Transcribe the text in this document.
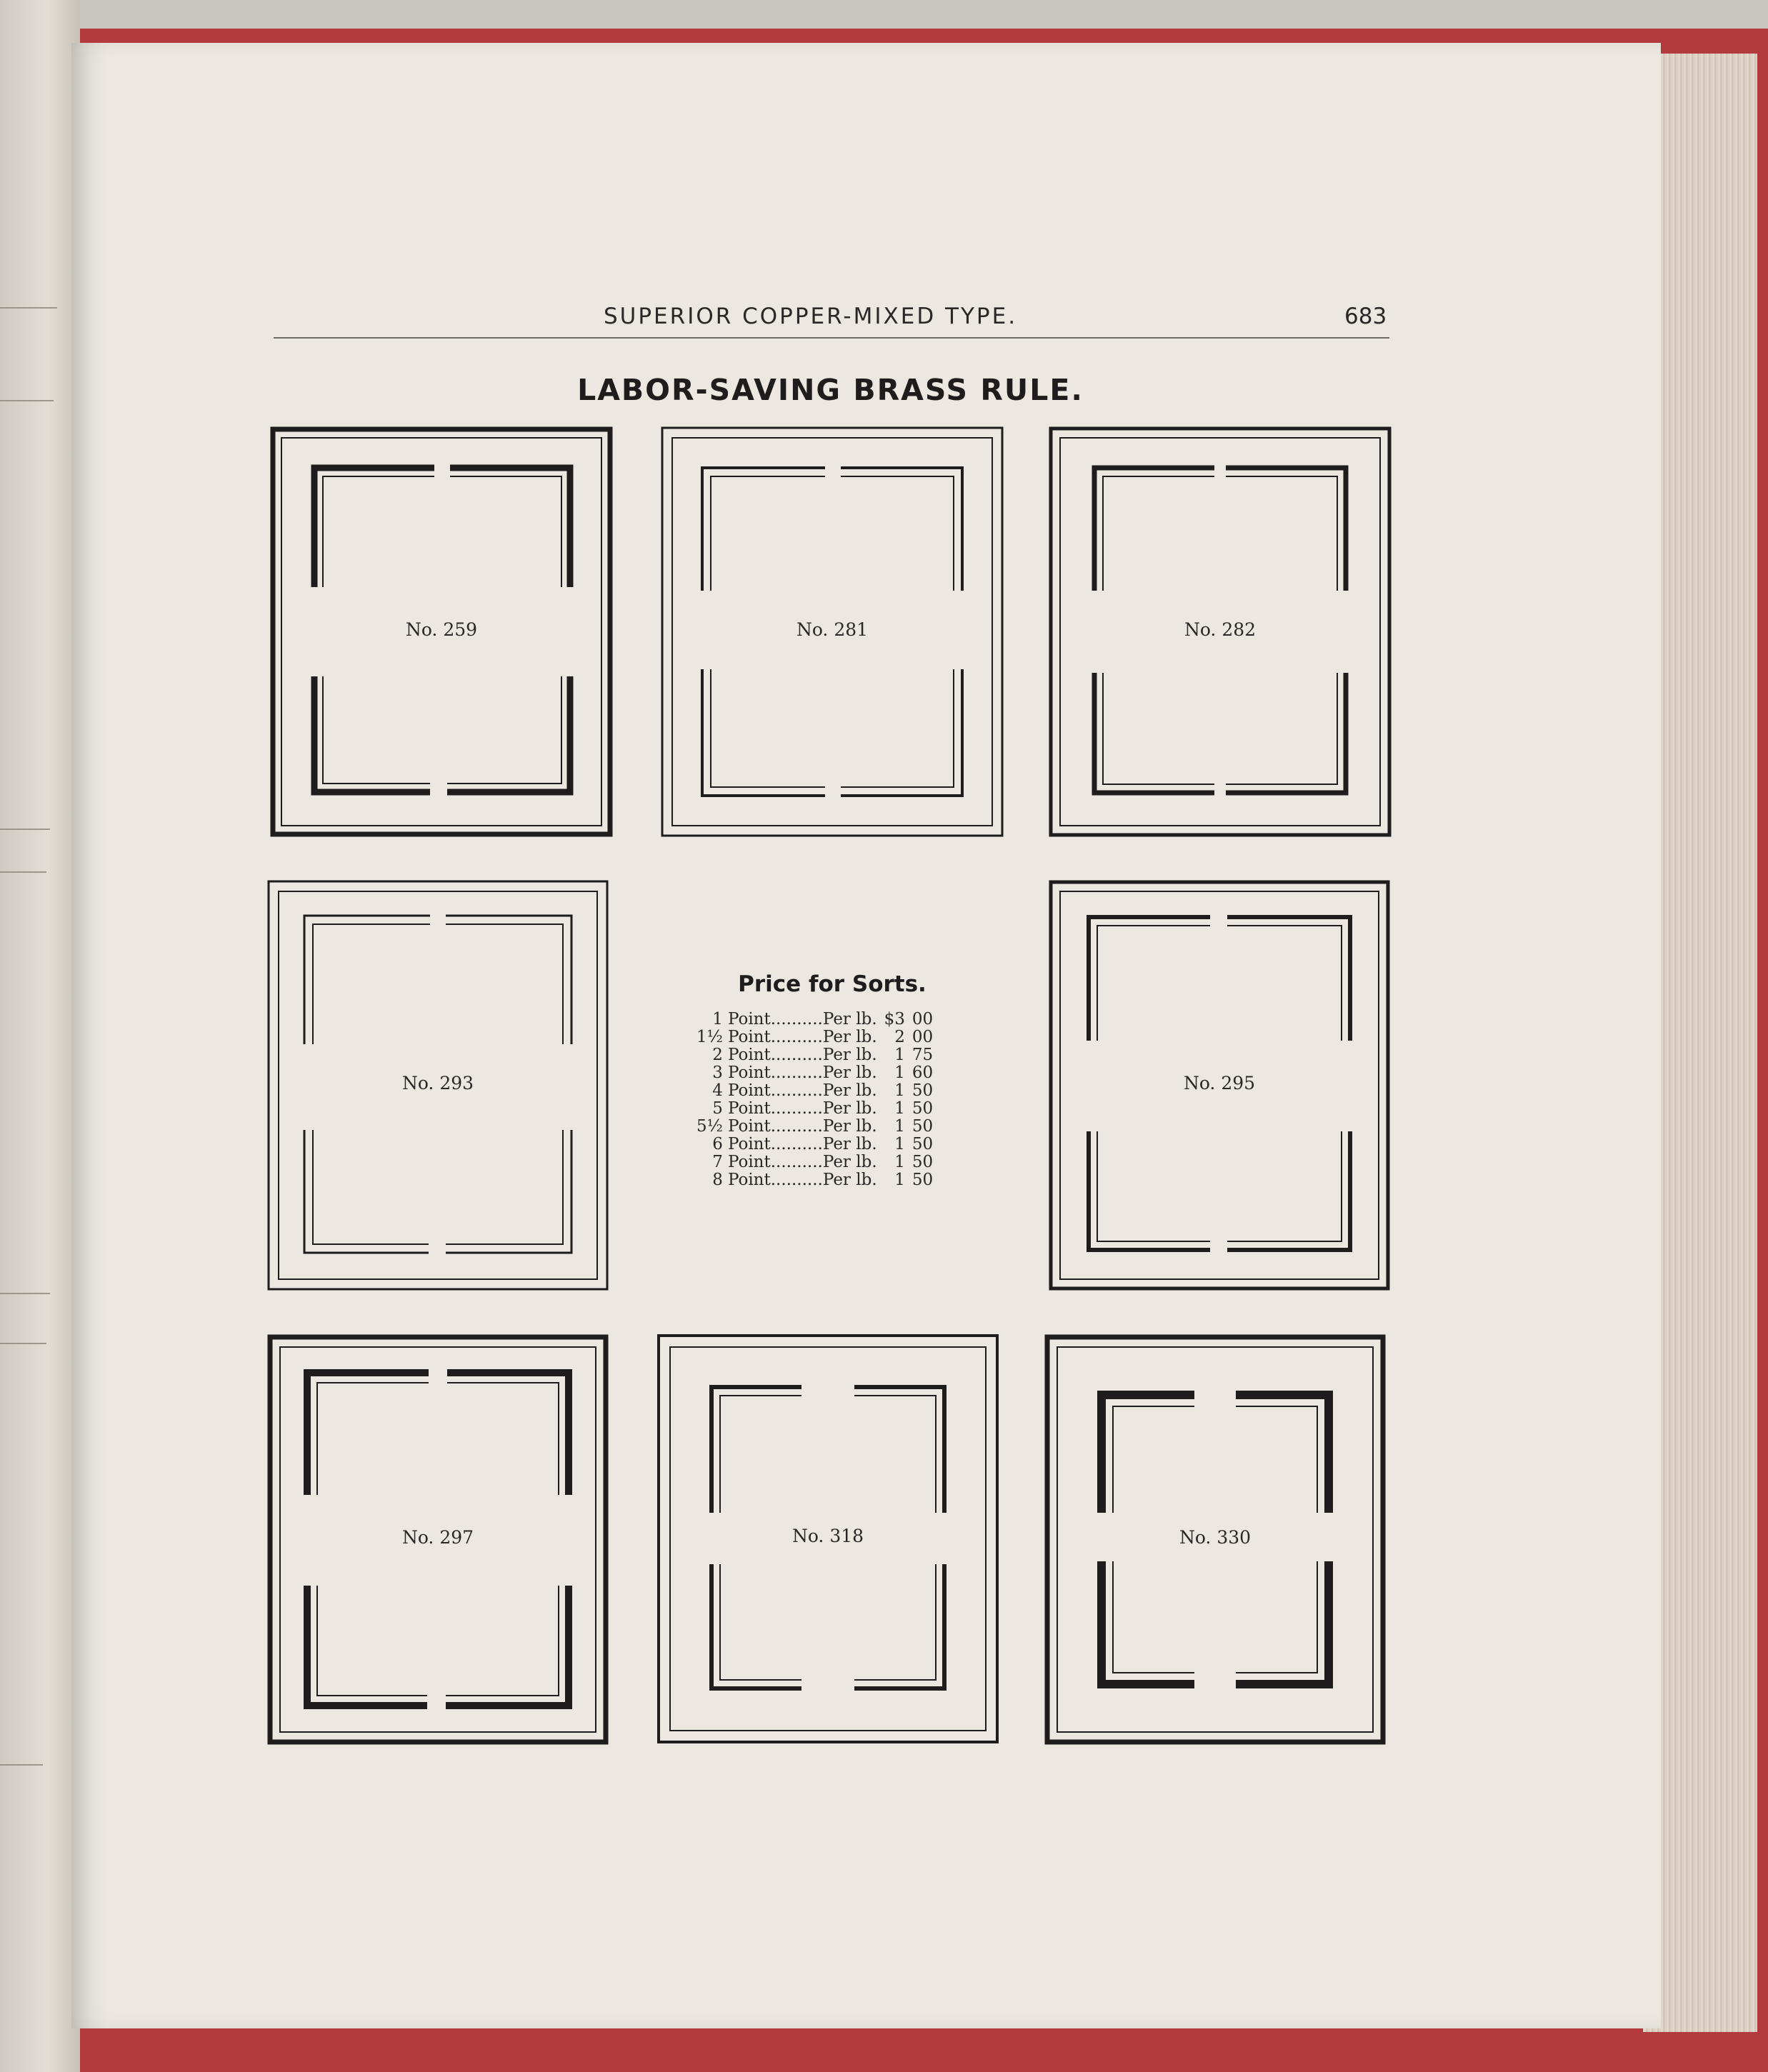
SUPERIOR COPPER-MIXED TYPE.	683
LABOR-SAVING BRASS RULE.
No. 259	No. 281	No. 282
No. 293	No. 295
No. 297	No. 318	No. 330
Price for Sorts.
1	Point..........	Per lb.	$3	00
1½	Point..........	Per lb.	2	00
2	Point..........	Per lb.	1	75
3	Point..........	Per lb.	1	60
4	Point..........	Per lb.	1	50
5	Point..........	Per lb.	1	50
5½	Point..........	Per lb.	1	50
6	Point..........	Per lb.	1	50
7	Point..........	Per lb.	1	50
8	Point..........	Per lb.	1	50
